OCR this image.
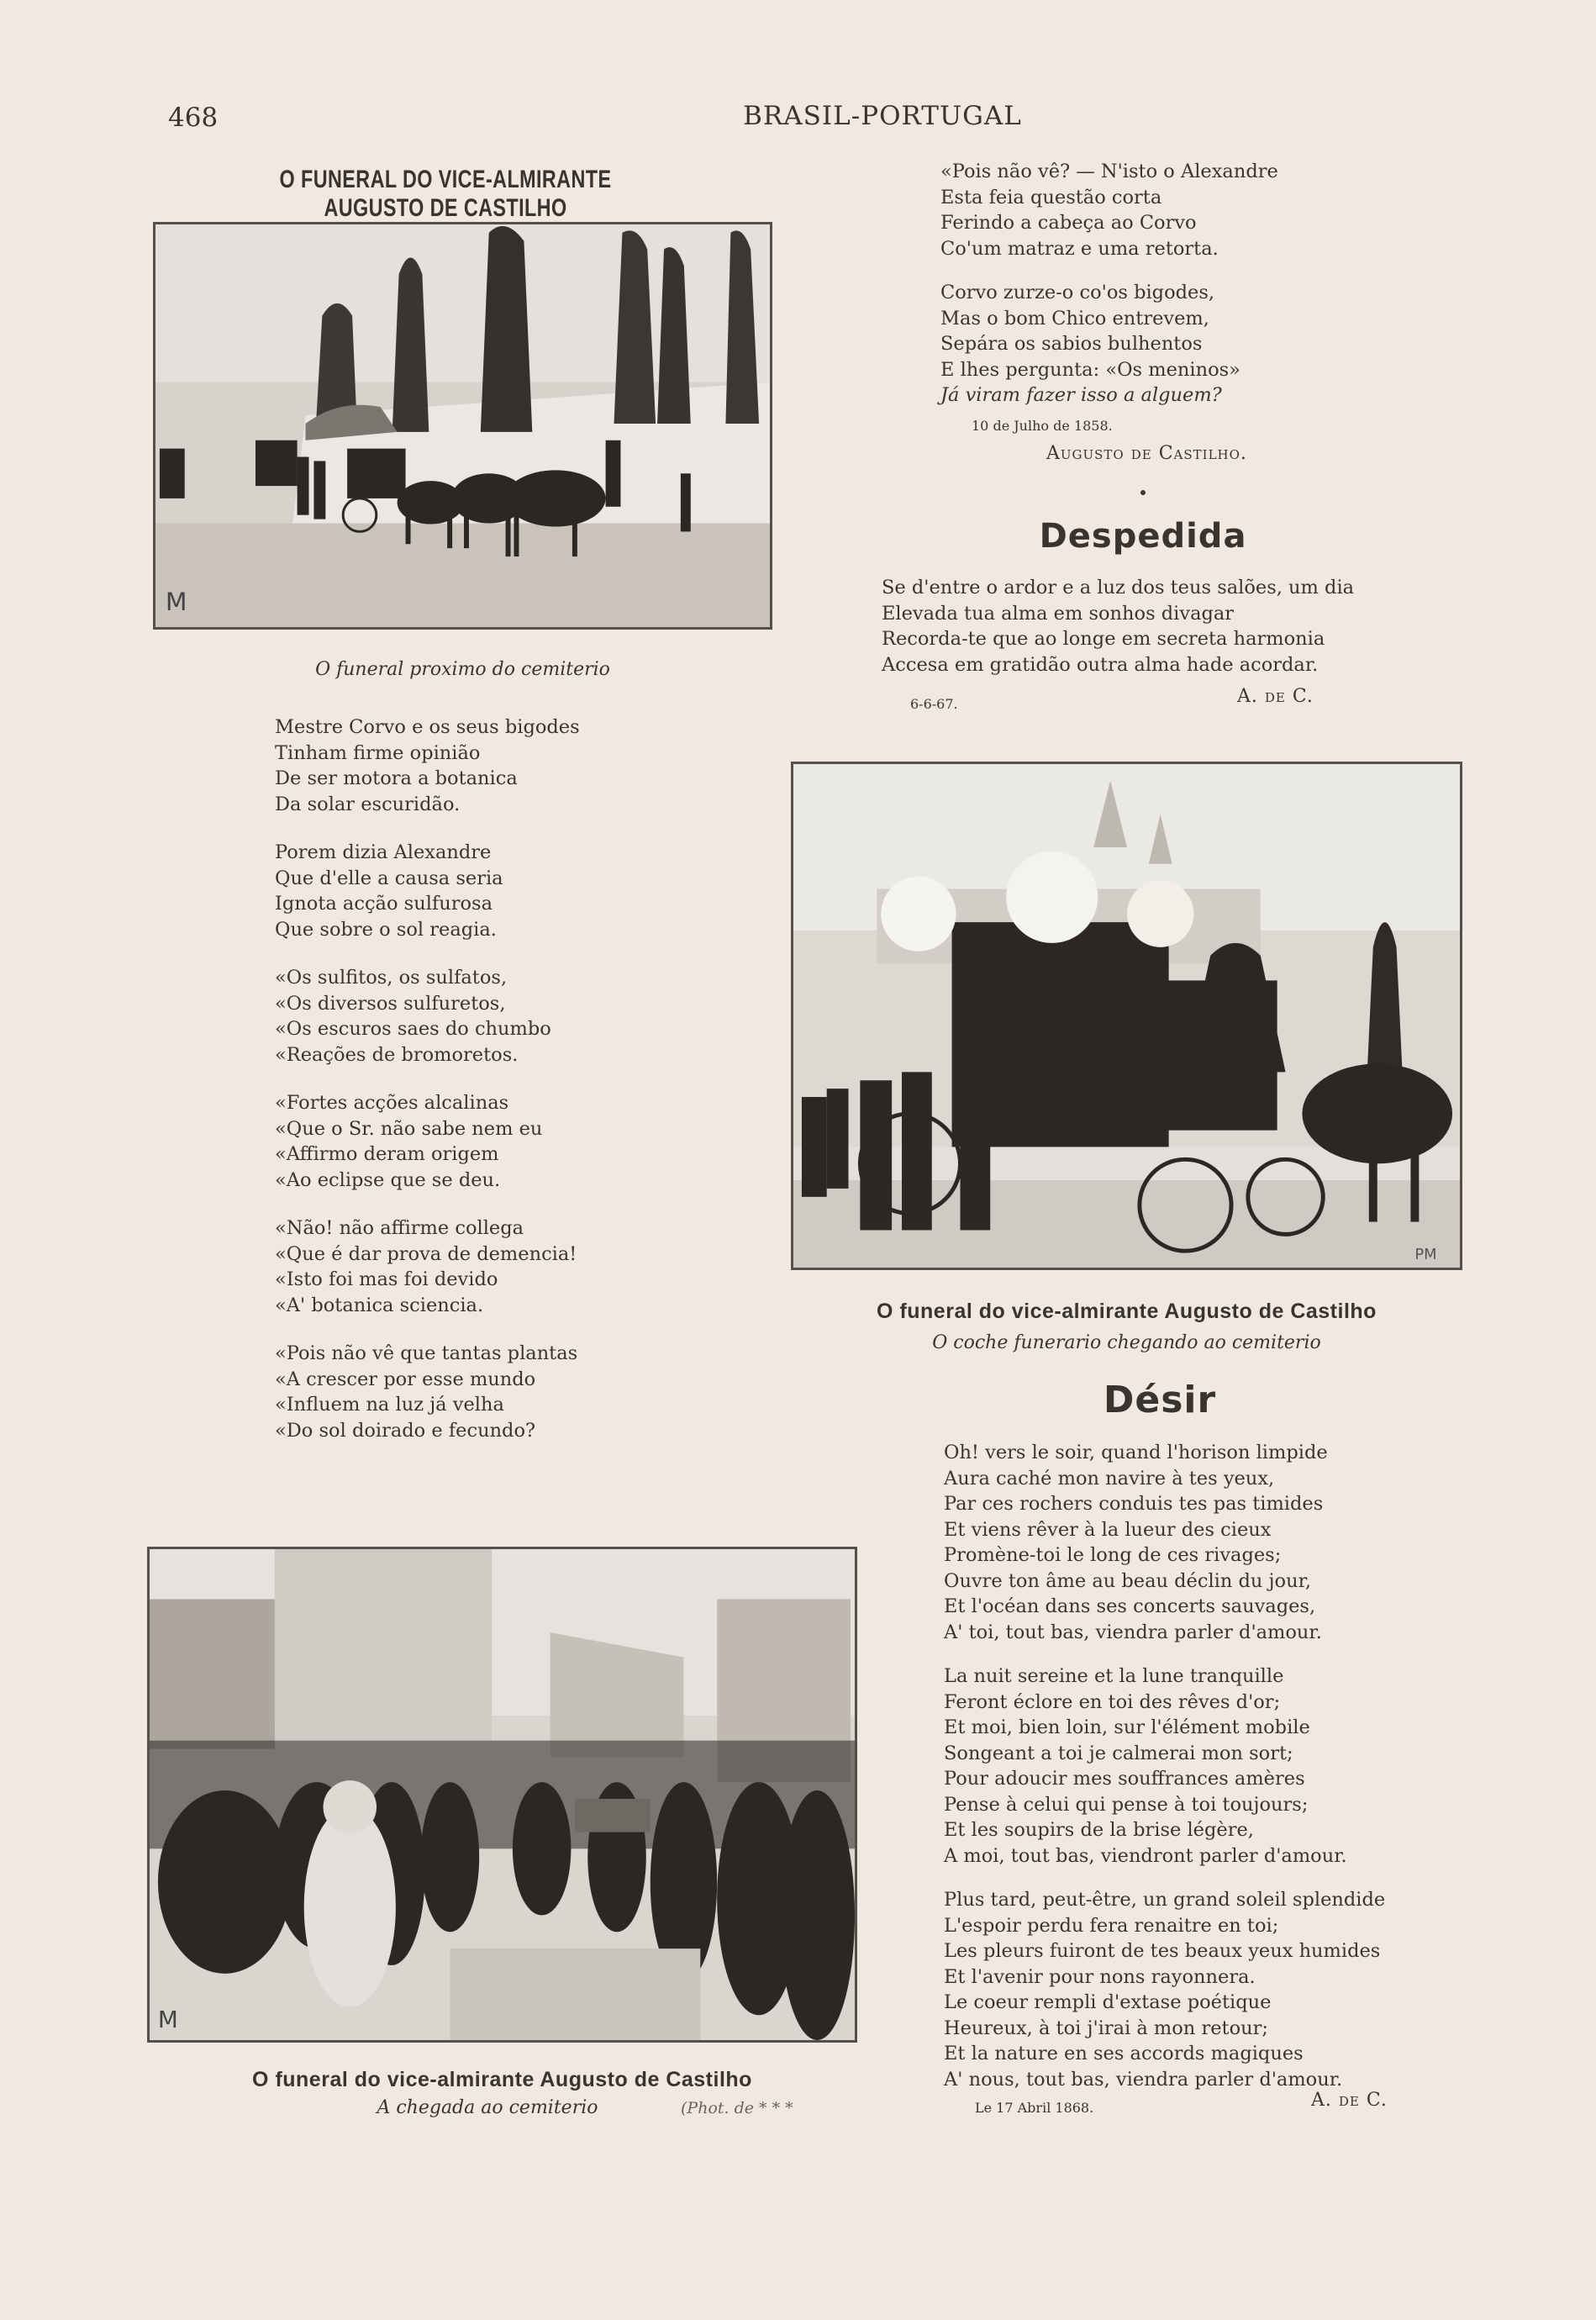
468	BRASIL-PORTUGAL
O FUNERAL DO VICE-ALMIRANTE AUGUSTO DE CASTILHO
M
O funeral proximo do cemiterio
Mestre Corvo e os seus bigodes
Tinham firme opinião
De ser motora a botanica
Da solar escuridão.
Porem dizia Alexandre
Que d'elle a causa seria
Ignota acção sulfurosa
Que sobre o sol reagia.
«Os sulfitos, os sulfatos,
«Os diversos sulfuretos,
«Os escuros saes do chumbo
«Reações de bromoretos.
«Fortes acções alcalinas
«Que o Sr. não sabe nem eu
«Affirmo deram origem
«Ao eclipse que se deu.
«Não! não affirme collega
«Que é dar prova de demencia!
«Isto foi mas foi devido
«A' botanica sciencia.
«Pois não vê que tantas plantas
«A crescer por esse mundo
«Influem na luz já velha
«Do sol doirado e fecundo?
«Pois não vê? — N'isto o Alexandre
Esta feia questão corta
Ferindo a cabeça ao Corvo
Co'um matraz e uma retorta.
Corvo zurze-o co'os bigodes,
Mas o bom Chico entrevem,
Sepára os sabios bulhentos
E lhes pergunta: «Os meninos»
Já viram fazer isso a alguem?
10 de Julho de 1858.
Augusto de Castilho.
Despedida
Se d'entre o ardor e a luz dos teus salões, um dia
Elevada tua alma em sonhos divagar
Recorda-te que ao longe em secreta harmonia
Accesa em gratidão outra alma hade acordar.
6-6-67.	A. de C.
PM
O funeral do vice-almirante Augusto de Castilho
O coche funerario chegando ao cemiterio
Désir
Oh! vers le soir, quand l'horison limpide
Aura caché mon navire à tes yeux,
Par ces rochers conduis tes pas timides
Et viens rêver à la lueur des cieux
Promène-toi le long de ces rivages;
Ouvre ton âme au beau déclin du jour,
Et l'océan dans ses concerts sauvages,
A' toi, tout bas, viendra parler d'amour.
La nuit sereine et la lune tranquille
Feront éclore en toi des rêves d'or;
Et moi, bien loin, sur l'élément mobile
Songeant a toi je calmerai mon sort;
Pour adoucir mes souffrances amères
Pense à celui qui pense à toi toujours;
Et les soupirs de la brise légère,
A moi, tout bas, viendront parler d'amour.
Plus tard, peut-être, un grand soleil splendide
L'espoir perdu fera renaitre en toi;
Les pleurs fuiront de tes beaux yeux humides
Et l'avenir pour nons rayonnera.
Le coeur rempli d'extase poétique
Heureux, à toi j'irai à mon retour;
Et la nature en ses accords magiques
A' nous, tout bas, viendra parler d'amour.
Le 17 Abril 1868.	A. de C.
M
O funeral do vice-almirante Augusto de Castilho
A chegada ao cemiterio	(Phot. de * * *
